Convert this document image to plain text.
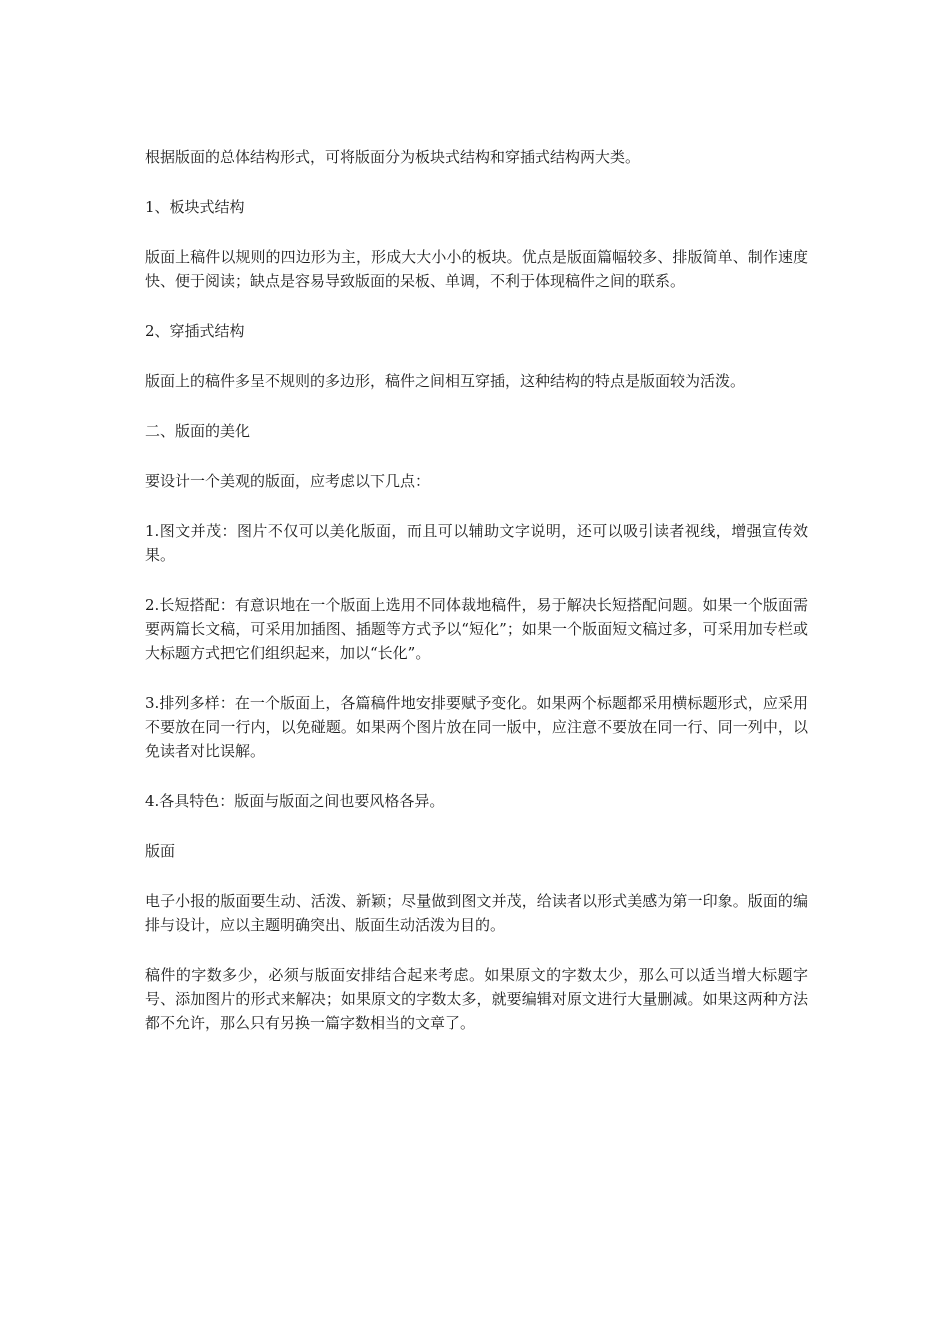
根据版面的总体结构形式，可将版面分为板块式结构和穿插式结构两大类。

1、板块式结构

版面上稿件以规则的四边形为主，形成大大小小的板块。优点是版面篇幅较多、排版简单、制作速度快、便于阅读；缺点是容易导致版面的呆板、单调，不利于体现稿件之间的联系。

2、穿插式结构

版面上的稿件多呈不规则的多边形，稿件之间相互穿插，这种结构的特点是版面较为活泼。

二、版面的美化

要设计一个美观的版面，应考虑以下几点：

1.图文并茂：图片不仅可以美化版面，而且可以辅助文字说明，还可以吸引读者视线，增强宣传效果。

2.长短搭配：有意识地在一个版面上选用不同体裁地稿件，易于解决长短搭配问题。如果一个版面需要两篇长文稿，可采用加插图、插题等方式予以“短化”；如果一个版面短文稿过多，可采用加专栏或大标题方式把它们组织起来，加以“长化”。

3.排列多样：在一个版面上，各篇稿件地安排要赋予变化。如果两个标题都采用横标题形式，应采用不要放在同一行内，以免碰题。如果两个图片放在同一版中，应注意不要放在同一行、同一列中，以免读者对比误解。

4.各具特色：版面与版面之间也要风格各异。

版面

电子小报的版面要生动、活泼、新颖；尽量做到图文并茂，给读者以形式美感为第一印象。版面的编排与设计，应以主题明确突出、版面生动活泼为目的。

稿件的字数多少，必须与版面安排结合起来考虑。如果原文的字数太少，那么可以适当增大标题字号、添加图片的形式来解决；如果原文的字数太多，就要编辑对原文进行大量删减。如果这两种方法都不允许，那么只有另换一篇字数相当的文章了。
